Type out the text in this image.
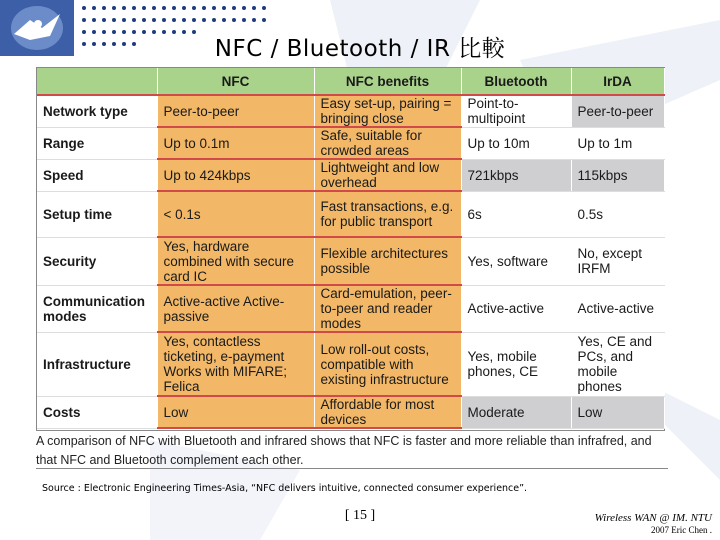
NFC / Bluetooth / IR 比較
	NFC	NFC benefits	Bluetooth	IrDA
Network type	Peer-to-peer	Easy set-up, pairing = bringing close	Point-to-multipoint	Peer-to-peer
Range	Up to 0.1m	Safe, suitable for crowded areas	Up to 10m	Up to 1m
Speed	Up to 424kbps	Lightweight and low overhead	721kbps	115kbps
Setup time	< 0.1s	Fast transactions, e.g. for public transport	6s	0.5s
Security	Yes, hardware combined with secure card IC	Flexible architectures possible	Yes, software	No, except IRFM
Communication modes	Active-active Active-passive	Card-emulation, peer-to-peer and reader modes	Active-active	Active-active
Infrastructure	Yes, contactless ticketing, e-payment Works with MIFARE; Felica	Low roll-out costs, compatible with existing infrastructure	Yes, mobile phones, CE	Yes, CE and PCs, and mobile phones
Costs	Low	Affordable for most devices	Moderate	Low
A comparison of NFC with Bluetooth and infrared shows that NFC is faster and more reliable than infrafred, and that NFC and Bluetooth complement each other.
Source : Electronic Engineering Times-Asia, “NFC delivers intuitive, connected consumer experience”.
[ 15 ]	Wireless WAN @ IM. NTU
2007 Eric Chen .
